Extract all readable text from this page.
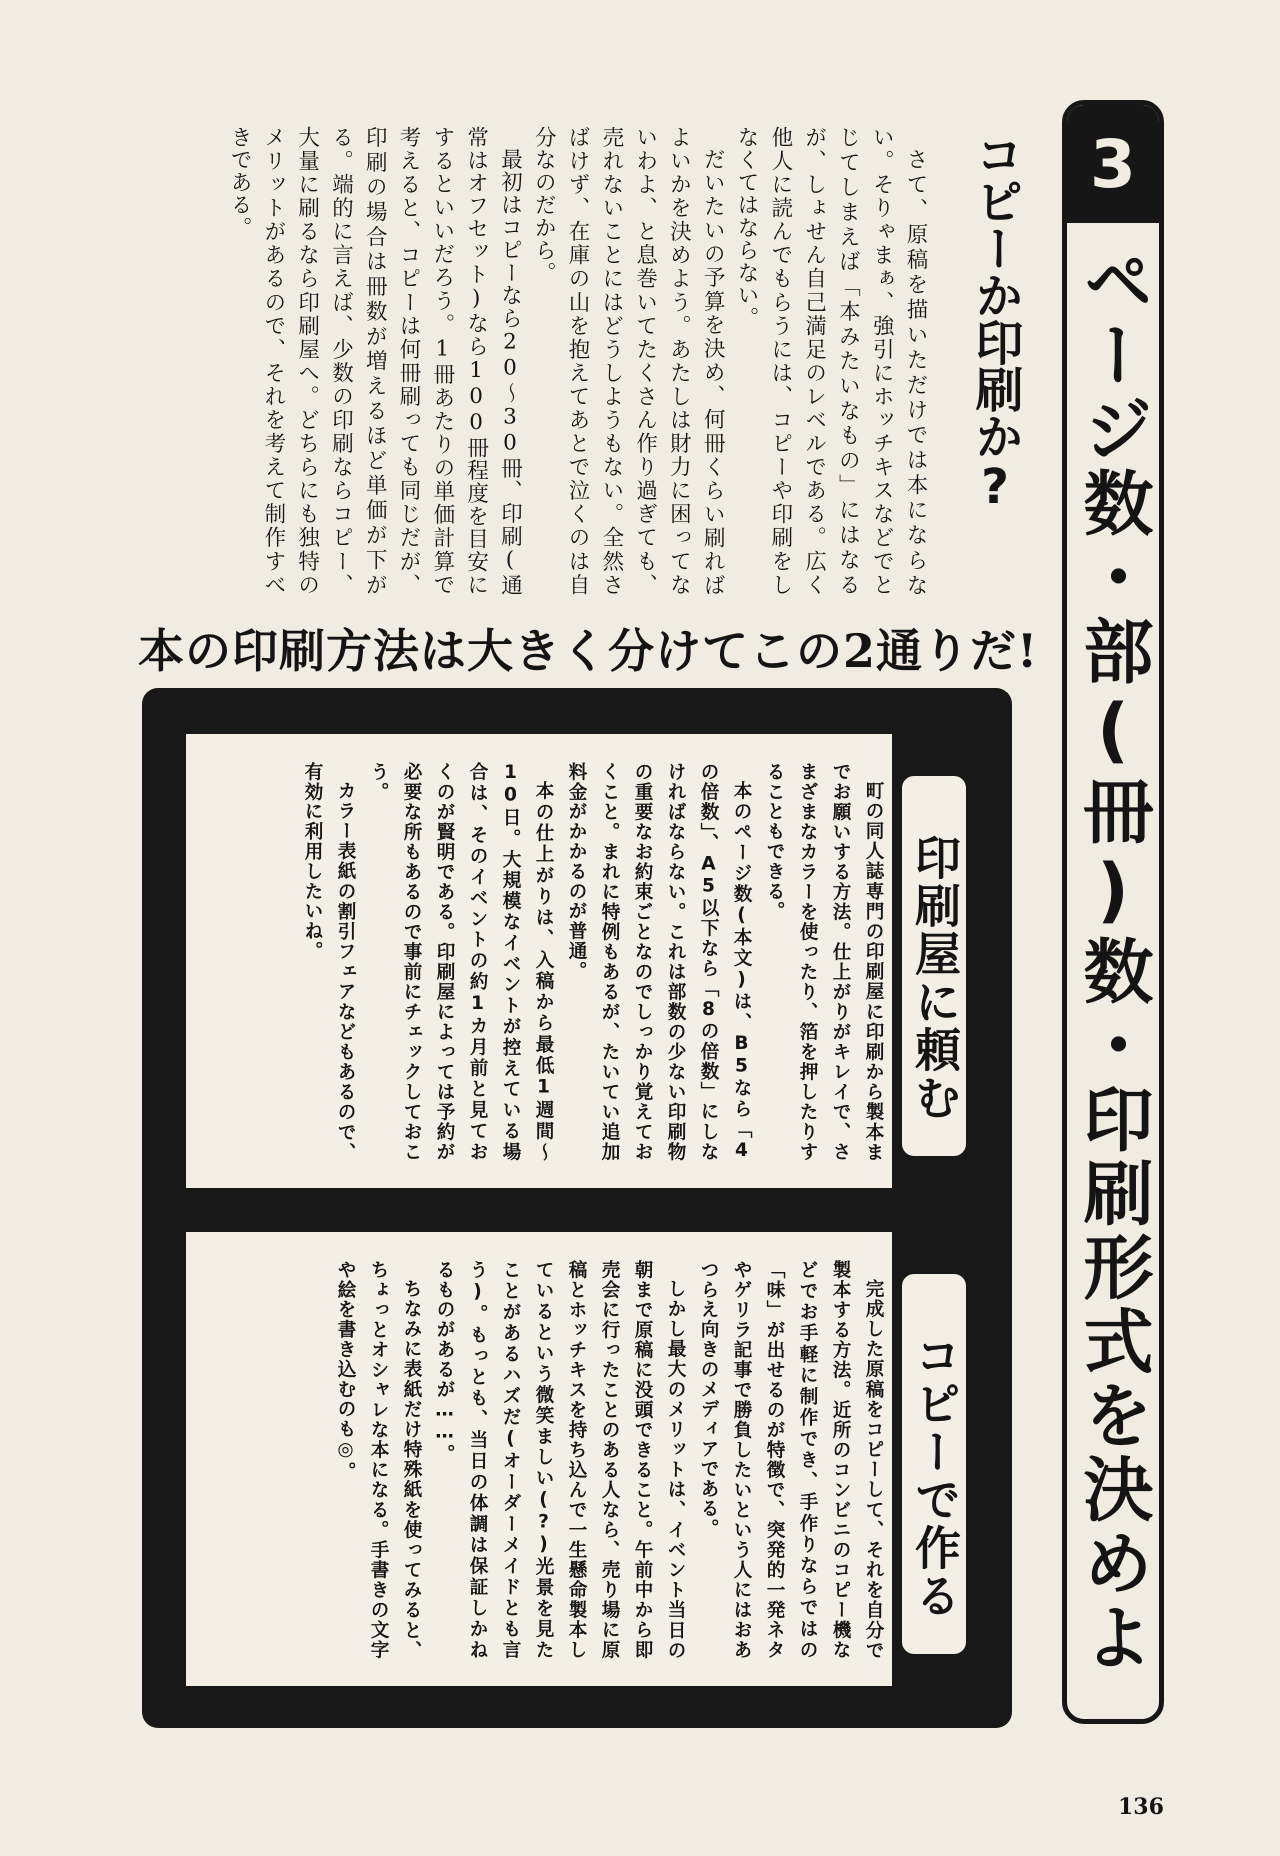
3
ページ数・部(冊)数・印刷形式を決めよ
コピーか印刷か?

さて、原稿を描いただけでは本にならない。そりゃまぁ、強引にホッチキスなどでとじてしまえば「本みたいなもの」にはなるが、しょせん自己満足のレベルである。広く他人に読んでもらうには、コピーや印刷をしなくてはならない。

だいたいの予算を決め、何冊くらい刷ればよいかを決めよう。あたしは財力に困ってないわよ、と息巻いてたくさん作り過ぎても、売れないことにはどうしようもない。全然さばけず、在庫の山を抱えてあとで泣くのは自分なのだから。

最初はコピーなら20〜30冊、印刷(通常はオフセット)なら100冊程度を目安にするといいだろう。1冊あたりの単価計算で考えると、コピーは何冊刷っても同じだが、印刷の場合は冊数が増えるほど単価が下がる。端的に言えば、少数の印刷ならコピー、大量に刷るなら印刷屋へ。どちらにも独特のメリットがあるので、それを考えて制作すべきである。

本の印刷方法は大きく分けてこの2通りだ!

町の同人誌専門の印刷屋に印刷から製本までお願いする方法。仕上がりがキレイで、さまざまなカラーを使ったり、箔を押したりすることもできる。

本のページ数(本文)は、B5なら「4の倍数」、A5以下なら「8の倍数」にしなければならない。これは部数の少ない印刷物の重要なお約束ごとなのでしっかり覚えておくこと。まれに特例もあるが、たいてい追加料金がかかるのが普通。

本の仕上がりは、入稿から最低1週間〜10日。大規模なイベントが控えている場合は、そのイベントの約1カ月前と見ておくのが賢明である。印刷屋によっては予約が必要な所もあるので事前にチェックしておこう。

カラー表紙の割引フェアなどもあるので、有効に利用したいね。	印刷屋に頼む

完成した原稿をコピーして、それを自分で製本する方法。近所のコンビニのコピー機などでお手軽に制作でき、手作りならではの「味」が出せるのが特徴で、突発的一発ネタやゲリラ記事で勝負したいという人にはおあつらえ向きのメディアである。

しかし最大のメリットは、イベント当日の朝まで原稿に没頭できること。午前中から即売会に行ったことのある人なら、売り場に原稿とホッチキスを持ち込んで一生懸命製本しているという微笑ましい(?)光景を見たことがあるハズだ(オーダーメイドとも言う)。もっとも、当日の体調は保証しかねるものがあるが……。

ちなみに表紙だけ特殊紙を使ってみると、ちょっとオシャレな本になる。手書きの文字や絵を書き込むのも◎。	コピーで作る
136
